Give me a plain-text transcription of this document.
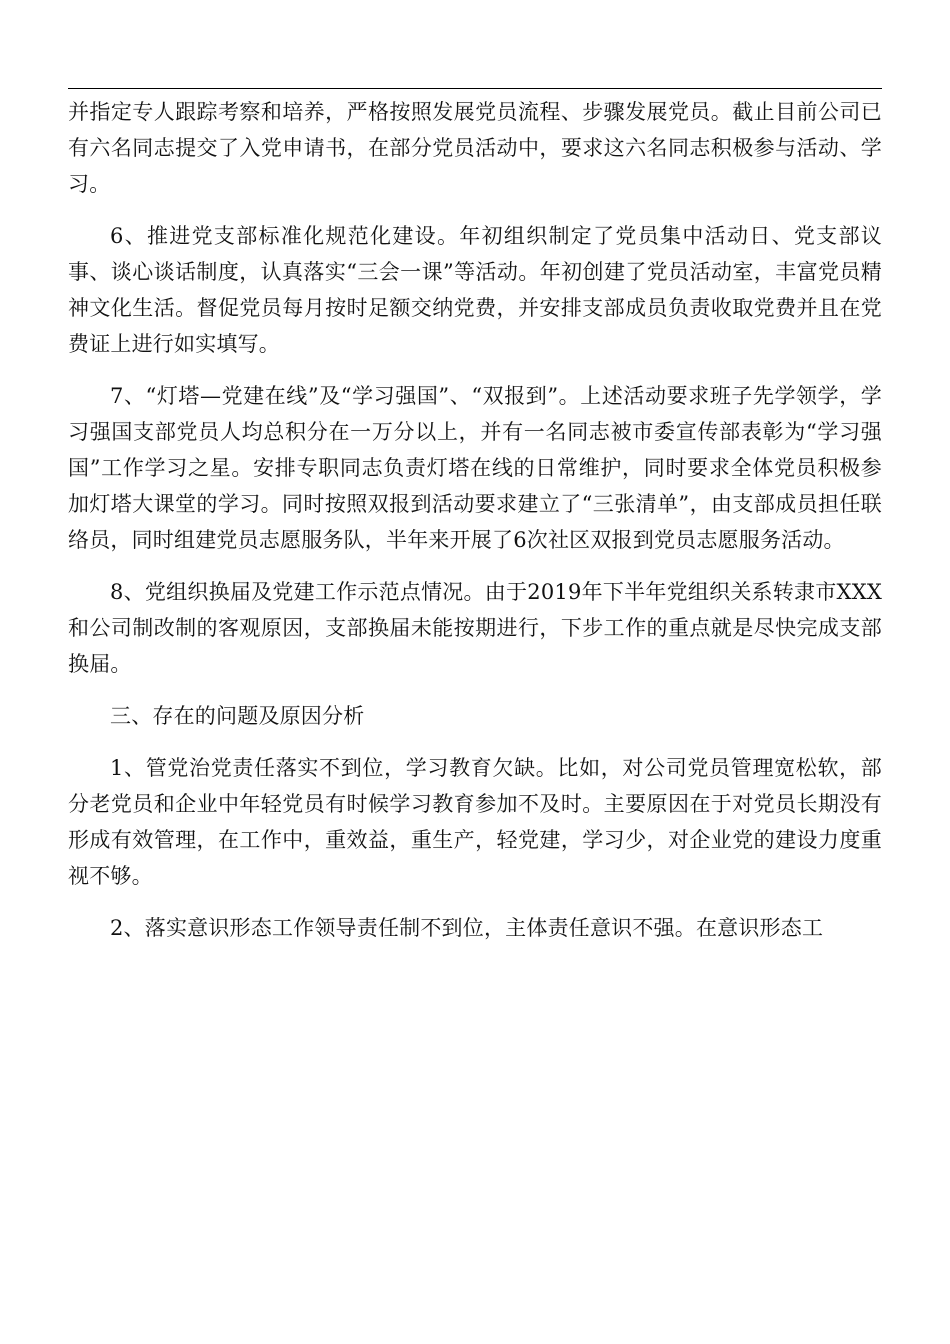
并指定专人跟踪考察和培养，严格按照发展党员流程、步骤发展党员。截止目前公司已有六名同志提交了入党申请书，在部分党员活动中，要求这六名同志积极参与活动、学习。

6、推进党支部标准化规范化建设。年初组织制定了党员集中活动日、党支部议事、谈心谈话制度，认真落实“三会一课”等活动。年初创建了党员活动室，丰富党员精神文化生活。督促党员每月按时足额交纳党费，并安排支部成员负责收取党费并且在党费证上进行如实填写。

7、“灯塔—党建在线”及“学习强国”、“双报到”。上述活动要求班子先学领学，学习强国支部党员人均总积分在一万分以上，并有一名同志被市委宣传部表彰为“学习强国”工作学习之星。安排专职同志负责灯塔在线的日常维护，同时要求全体党员积极参加灯塔大课堂的学习。同时按照双报到活动要求建立了“三张清单”，由支部成员担任联络员，同时组建党员志愿服务队，半年来开展了6次社区双报到党员志愿服务活动。

8、党组织换届及党建工作示范点情况。由于2019年下半年党组织关系转隶市XXX和公司制改制的客观原因，支部换届未能按期进行，下步工作的重点就是尽快完成支部换届。

三、存在的问题及原因分析

1、管党治党责任落实不到位，学习教育欠缺。比如，对公司党员管理宽松软，部分老党员和企业中年轻党员有时候学习教育参加不及时。主要原因在于对党员长期没有形成有效管理，在工作中，重效益，重生产，轻党建，学习少，对企业党的建设力度重视不够。

2、落实意识形态工作领导责任制不到位，主体责任意识不强。在意识形态工
